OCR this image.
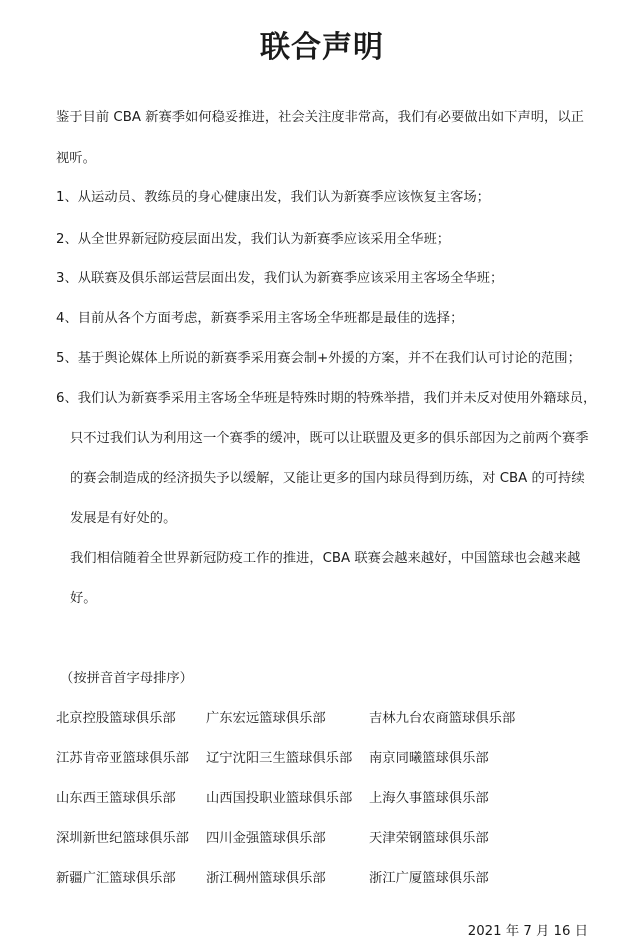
联合声明
鉴于目前 CBA 新赛季如何稳妥推进，社会关注度非常高，我们有必要做出如下声明，以正
视听。
1、从运动员、教练员的身心健康出发，我们认为新赛季应该恢复主客场；
2、从全世界新冠防疫层面出发，我们认为新赛季应该采用全华班；
3、从联赛及俱乐部运营层面出发，我们认为新赛季应该采用主客场全华班；
4、目前从各个方面考虑，新赛季采用主客场全华班都是最佳的选择；
5、基于舆论媒体上所说的新赛季采用赛会制+外援的方案，并不在我们认可讨论的范围；
6、我们认为新赛季采用主客场全华班是特殊时期的特殊举措，我们并未反对使用外籍球员，
只不过我们认为利用这一个赛季的缓冲，既可以让联盟及更多的俱乐部因为之前两个赛季
的赛会制造成的经济损失予以缓解，又能让更多的国内球员得到历练，对 CBA 的可持续
发展是有好处的。
我们相信随着全世界新冠防疫工作的推进，CBA 联赛会越来越好，中国篮球也会越来越
好。
（按拼音首字母排序）
北京控股篮球俱乐部 广东宏远篮球俱乐部	吉林九台农商篮球俱乐部
江苏肯帝亚篮球俱乐部 辽宁沈阳三生篮球俱乐部 南京同曦篮球俱乐部
山东西王篮球俱乐部 山西国投职业篮球俱乐部 上海久事篮球俱乐部
深圳新世纪篮球俱乐部 四川金强篮球俱乐部	天津荣钢篮球俱乐部
新疆广汇篮球俱乐部 浙江稠州篮球俱乐部	浙江广厦篮球俱乐部
2021 年 7 月 16 日
